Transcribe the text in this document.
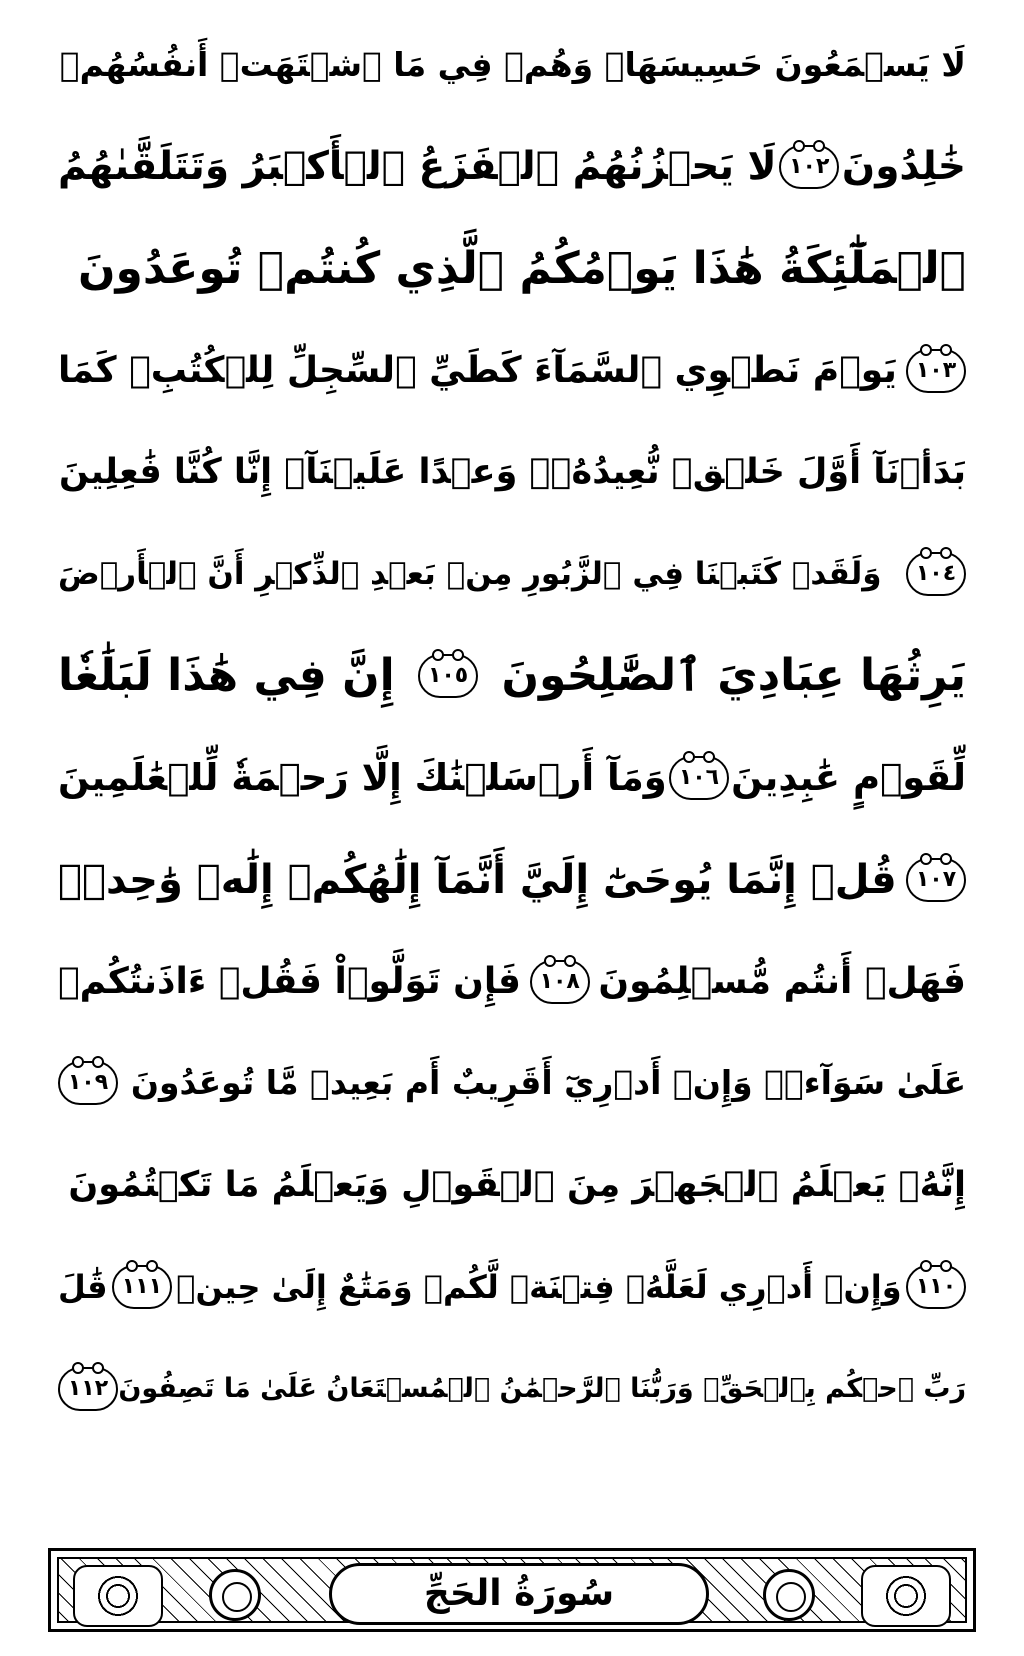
لَا يَسۡمَعُونَ حَسِيسَهَاۖ وَهُمۡ فِي مَا ٱشۡتَهَتۡ أَنفُسُهُمۡ
خَٰلِدُونَ
١٠٢
لَا يَحۡزُنُهُمُ ٱلۡفَزَعُ ٱلۡأَكۡبَرُ وَتَتَلَقَّىٰهُمُ
ٱلۡمَلَٰٓئِكَةُ هَٰذَا يَوۡمُكُمُ ٱلَّذِي كُنتُمۡ تُوعَدُونَ
١٠٣
يَوۡمَ نَطۡوِي ٱلسَّمَآءَ كَطَيِّ ٱلسِّجِلِّ لِلۡكُتُبِۚ كَمَا
بَدَأۡنَآ أَوَّلَ خَلۡقٖ نُّعِيدُهُۥۚ وَعۡدًا عَلَيۡنَآۚ إِنَّا كُنَّا فَٰعِلِينَ
١٠٤
وَلَقَدۡ كَتَبۡنَا فِي ٱلزَّبُورِ مِنۢ بَعۡدِ ٱلذِّكۡرِ أَنَّ ٱلۡأَرۡضَ
يَرِثُهَا عِبَادِيَ ٱلصَّٰلِحُونَ
١٠٥
إِنَّ فِي هَٰذَا لَبَلَٰغٗا
لِّقَوۡمٍ عَٰبِدِينَ
١٠٦
وَمَآ أَرۡسَلۡنَٰكَ إِلَّا رَحۡمَةٗ لِّلۡعَٰلَمِينَ
١٠٧
قُلۡ إِنَّمَا يُوحَىٰٓ إِلَيَّ أَنَّمَآ إِلَٰهُكُمۡ إِلَٰهٞ وَٰحِدٞۖ
فَهَلۡ أَنتُم مُّسۡلِمُونَ
١٠٨
فَإِن تَوَلَّوۡاْ فَقُلۡ ءَاذَنتُكُمۡ
عَلَىٰ سَوَآءٖۖ وَإِنۡ أَدۡرِيٓ أَقَرِيبٌ أَم بَعِيدٞ مَّا تُوعَدُونَ
١٠٩
إِنَّهُۥ يَعۡلَمُ ٱلۡجَهۡرَ مِنَ ٱلۡقَوۡلِ وَيَعۡلَمُ مَا تَكۡتُمُونَ
١١٠
وَإِنۡ أَدۡرِي لَعَلَّهُۥ فِتۡنَةٞ لَّكُمۡ وَمَتَٰعٌ إِلَىٰ حِينٖ
١١١
قَٰلَ
رَبِّ ٱحۡكُم بِٱلۡحَقِّۗ وَرَبُّنَا ٱلرَّحۡمَٰنُ ٱلۡمُسۡتَعَانُ عَلَىٰ مَا تَصِفُونَ
١١٢
سُورَةُ الحَجِّ
